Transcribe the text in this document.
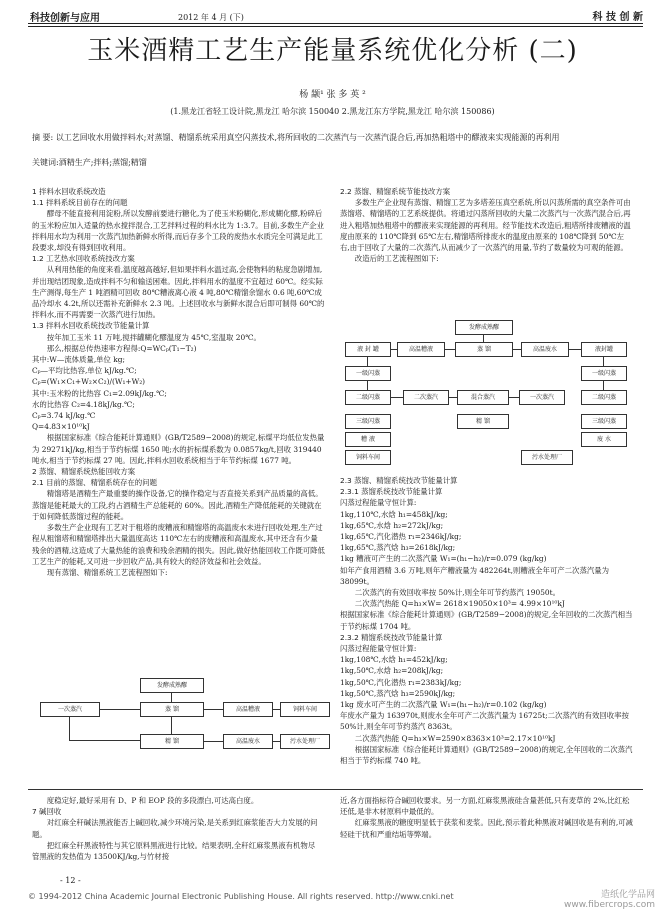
科技创新与应用	2012 年 4 月 (下)	科 技 创 新
玉米酒精工艺生产能量系统优化分析 (二)
杨 颛¹ 张 多 英 ²
(1.黑龙江省轻工设计院,黑龙江 哈尔滨 150040 2.黑龙江东方学院,黑龙江 哈尔滨 150086)
摘 要: 以工艺回收水用做拌料水;对蒸馏、精馏系统采用真空闪蒸技术,将所回收的二次蒸汽与一次蒸汽混合后,再加热粗塔中的醪液来实现能源的再利用
关键词:酒精生产;拌料;蒸馏;精馏

1 拌料水回收系统改造

1.1 拌料系统目前存在的问题

醪母不能直接利用淀粉,所以发酵前要进行糖化,为了使玉米粉糊化,形成糊化醪,粉碎后的玉米粉应加入适量的热水搅拌混合,工艺拌料过程的料水比为 1:3.7。目前,多数生产企业拌料用水均为利用一次蒸汽加热新鲜水所得,而后存多个工段的废热水水质完全可满足此工段要求,却没有得到回收利用。

1.2 工艺热水回收系统技改方案

从利用热能的角度来看,温度越高越好,但如果拌料水温过高,会使物料的粘度急剧增加,并出现结团现象,造成拌料不匀和输送困难。因此,拌料用水的温度不宜超过 60℃。经实际生产测得,每生产 1 吨酒精可回收 80℃糟液离心液 4 吨,80℃精馏余馏水 0.6 吨,60℃成品冷却水 4.2t,所以还需补充新鲜水 2.3 吨。上述回收水与新鲜水混合后即可制得 60℃的拌料水,而不再需要一次蒸汽进行加热。

1.3 拌料水回收系统技改节能量计算

按年加工玉米 11 万吨,搅拌罐糊化醪温度为 45℃,室温取 20℃。

那么,根据总传热速率方程得:Q=WCₚ(T₁−T₂)

其中:W—流体质量,单位 kg;

Cₚ—平均比热容,单位 kJ/kg.℃;

Cₚ=(W₁×C₁+W₂×C₂)/(W₁+W₂)

其中:玉米粉的比热容 C₁=2.09kJ/kg.℃;

水的比热容 C₂=4.18kJ/kg.℃;

Cₚ=3.74 kJ/kg.℃

Q=4.83×10¹⁰kJ

根据国家标准《综合能耗计算通则》(GB/T2589−2008)的规定,标煤平均低位发热量为 29271kJ/kg,相当于节约标煤 1650 吨;水的折标煤系数为 0.0857kg/t,回收 319440 吨水,相当于节约标煤 27 吨。因此,拌料水回收系统相当于年节约标煤 1677 吨。

2 蒸馏、精馏系统热能回收方案

2.1 目前的蒸馏、精馏系统存在的问题

精馏塔是酒精生产最重要的操作设备,它的操作稳定与否直接关系到产品质量的高低。蒸馏是能耗最大的工段,约占酒精生产总能耗的 60%。因此,酒精生产降低能耗的关键就在于如何降低蒸馏过程的能耗。

多数生产企业现有工艺对于粗塔的废糟液和精馏塔的高温废水未进行回收处理,生产过程从粗馏塔和精馏塔排出大量温度高达 110℃左右的废糟液和高温废水,其中还含有少量残余的酒精,这造成了大量热能的浪费和残余酒精的损失。因此,做好热能回收工作既可降低工艺生产的能耗,又可进一步回收产品,具有较大的经济效益和社会效益。

现有蒸馏、精馏系统工艺流程图如下:

发酵成熟醪
一次蒸汽	蒸 馏	高温糟液	饲料车间
精 馏	高温废水	污水处理厂

2.2 蒸馏、精馏系统节能技改方案

多数生产企业现有蒸馏、精馏工艺为多塔差压真空系统,所以闪蒸所需的真空条件可由蒸馏塔、精馏塔的工艺系统提供。将通过闪蒸所回收的大量二次蒸汽与一次蒸汽混合后,再进入粗塔加热粗塔中的醪液来实现能源的再利用。经节能技术改造后,粗塔所排废糟液的温度由原来的 110℃降到 65℃左右,精馏塔所排废水的温度由原来的 108℃降到 50℃左右,由于回收了大量的二次蒸汽,从而减少了一次蒸汽的用量,节约了数量较为可观的能源。

改造后的工艺流程图如下:

发酵成熟醪
液 封 罐	高温糟液	蒸 馏	高温废水	液封罐
一级闪蒸	一级闪蒸
二级闪蒸	二次蒸汽	混合蒸汽	一次蒸汽	二级闪蒸
三级闪蒸	精 馏	三级闪蒸
糟 液	废 水
饲料车间	污水处理厂

2.3 蒸馏、精馏系统技改节能量计算

2.3.1 蒸馏系统技改节能量计算

闪蒸过程能量守恒计算:

1kg,110℃,水焓 h₁=458kJ/kg;

1kg,65℃,水焓 h₂=272kJ/kg;

1kg,65℃,汽化潜热 r₁=2346kJ/kg;

1kg,65℃,蒸汽焓 h₃=2618kJ/kg;

1kg 糟液可产生的二次蒸汽量 W₁=(h₁−h₂)/r=0.079 (kg/kg)

如年产食用酒精 3.6 万吨,则年产糟液量为 482264t,则糟液全年可产二次蒸汽量为 38099t。

二次蒸汽的有效回收率按 50%计,则全年可节约蒸汽 19050t。

二次蒸汽热能 Q=h₃×W= 2618×19050×10³= 4.99×10¹⁰kJ

根据国家标准《综合能耗计算通则》(GB/T2589−2008)的规定,全年回收的二次蒸汽相当于节约标煤 1704 吨。

2.3.2 精馏系统技改节能量计算

闪蒸过程能量守恒计算:

1kg,108℃,水焓 h₁=452kJ/kg;

1kg,50℃,水焓 h₂=208kJ/kg;

1kg,50℃,汽化潜热 r₁=2383kJ/kg;

1kg,50℃,蒸汽焓 h₃=2590kJ/kg;

1kg 废水可产生的二次蒸汽量 W₁=(h₁−h₂)/r=0.102 (kg/kg)

年废水产量为 163970t,则废水全年可产二次蒸汽量为 16725t;二次蒸汽的有效回收率按 50%计,则全年可节约蒸汽 8363t。

二次蒸汽热能 Q=h₃×W=2590×8363×10³=2.17×10¹⁰kJ

根据国家标准《综合能耗计算通则》(GB/T2589−2008)的规定,全年回收的二次蒸汽相当于节约标煤 740 吨。

度稳定好,最好采用有 D、P 和 EOP 段的多段漂白,可达高白度。
7 碱回收
对红麻全秆碱法黑液能否上碱回收,减少环境污染,是关系到红麻浆能否大力发展的问题。
把红麻全秆黑液特性与其它原料黑液进行比较。结果表明,全秆红麻浆黑液有机物尽管黑液的发热值为 13500KJ/kg,与竹材接
近,各方面指标符合碱回收要求。另一方面,红麻浆黑液硅含量甚低,只有麦草的 2%,比红松还低,是非木材原料中最低的。
红麻浆黑液的糖度明显低于获浆和麦浆。因此,预示着此种黑液对碱回收是有利的,可减轻硅干扰和严重结垢等弊端。
- 12 -
© 1994-2012 China Academic Journal Electronic Publishing House. All rights reserved. http://www.cnki.net	造纸化学品网
www.fibercrops.com
